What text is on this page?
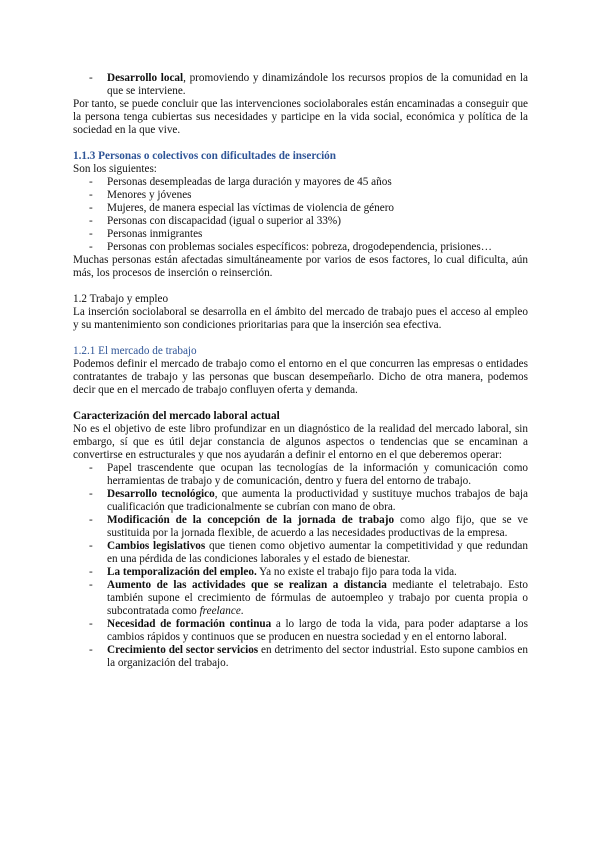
- Desarrollo local, promoviendo y dinamizándole los recursos propios de la comunidad en la que se interviene.

Por tanto, se puede concluir que las intervenciones sociolaborales están encaminadas a conseguir que la persona tenga cubiertas sus necesidades y participe en la vida social, económica y política de la sociedad en la que vive.

1.1.3 Personas o colectivos con dificultades de inserción

Son los siguientes:

- Personas desempleadas de larga duración y mayores de 45 años
- Menores y jóvenes
- Mujeres, de manera especial las víctimas de violencia de género
- Personas con discapacidad (igual o superior al 33%)
- Personas inmigrantes
- Personas con problemas sociales específicos: pobreza, drogodependencia, prisiones…

Muchas personas están afectadas simultáneamente por varios de esos factores, lo cual dificulta, aún más, los procesos de inserción o reinserción.

1.2 Trabajo y empleo

La inserción sociolaboral se desarrolla en el ámbito del mercado de trabajo pues el acceso al empleo y su mantenimiento son condiciones prioritarias para que la inserción sea efectiva.

1.2.1 El mercado de trabajo

Podemos definir el mercado de trabajo como el entorno en el que concurren las empresas o entidades contratantes de trabajo y las personas que buscan desempeñarlo. Dicho de otra manera, podemos decir que en el mercado de trabajo confluyen oferta y demanda.

Caracterización del mercado laboral actual

No es el objetivo de este libro profundizar en un diagnóstico de la realidad del mercado laboral, sin embargo, sí que es útil dejar constancia de algunos aspectos o tendencias que se encaminan a convertirse en estructurales y que nos ayudarán a definir el entorno en el que deberemos operar:

- Papel trascendente que ocupan las tecnologías de la información y comunicación como herramientas de trabajo y de comunicación, dentro y fuera del entorno de trabajo.
- Desarrollo tecnológico, que aumenta la productividad y sustituye muchos trabajos de baja cualificación que tradicionalmente se cubrían con mano de obra.
- Modificación de la concepción de la jornada de trabajo como algo fijo, que se ve sustituida por la jornada flexible, de acuerdo a las necesidades productivas de la empresa.
- Cambios legislativos que tienen como objetivo aumentar la competitividad y que redundan en una pérdida de las condiciones laborales y el estado de bienestar.
- La temporalización del empleo. Ya no existe el trabajo fijo para toda la vida.
- Aumento de las actividades que se realizan a distancia mediante el teletrabajo. Esto también supone el crecimiento de fórmulas de autoempleo y trabajo por cuenta propia o subcontratada como freelance.
- Necesidad de formación continua a lo largo de toda la vida, para poder adaptarse a los cambios rápidos y continuos que se producen en nuestra sociedad y en el entorno laboral.
- Crecimiento del sector servicios en detrimento del sector industrial. Esto supone cambios en la organización del trabajo.
